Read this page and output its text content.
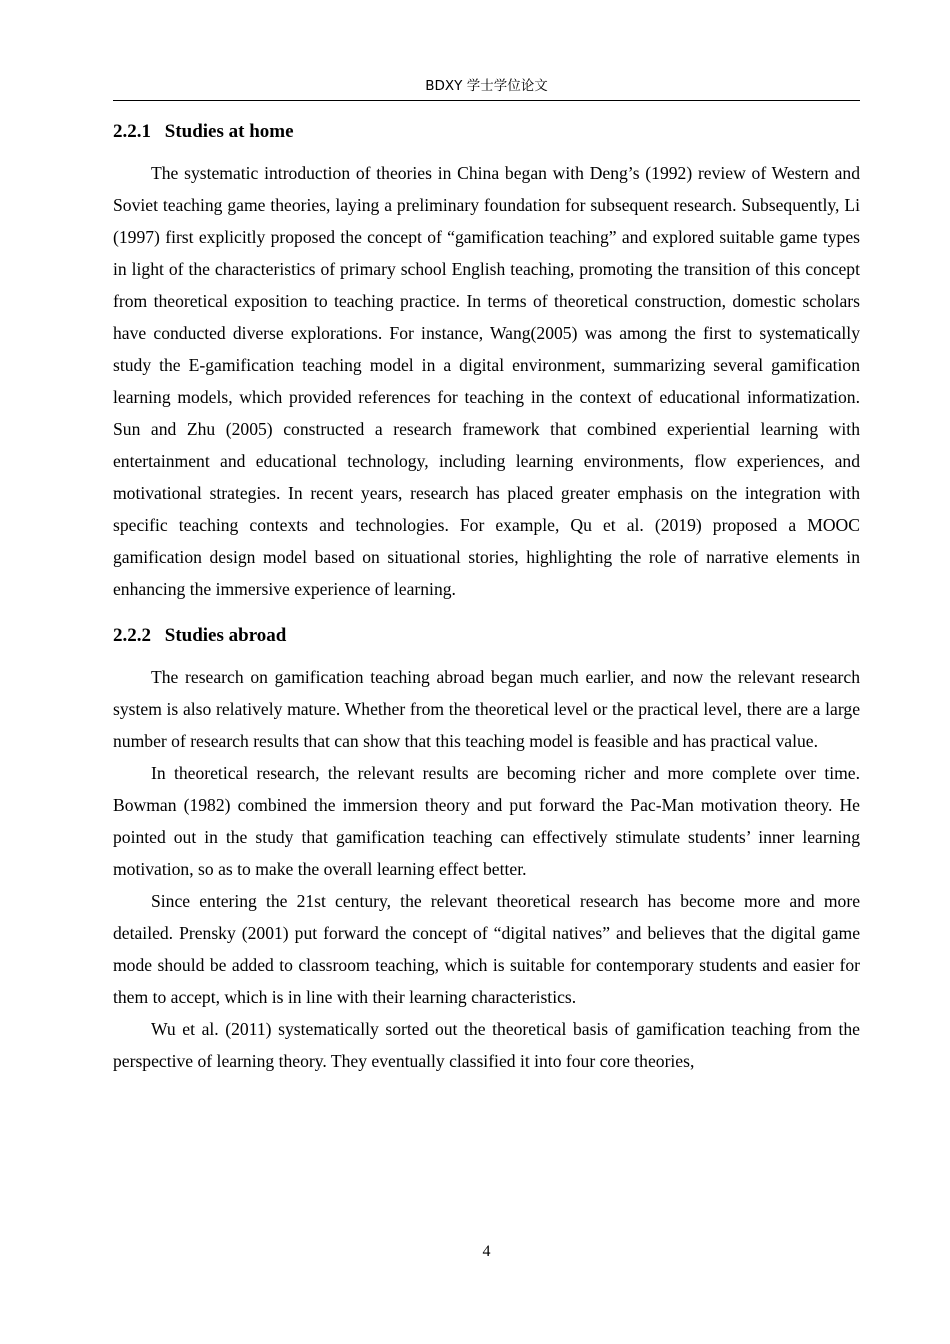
BDXY 学士学位论文
2.2.1 Studies at home

The systematic introduction of theories in China began with Deng’s (1992) review of Western and Soviet teaching game theories, laying a preliminary foundation for subsequent research. Subsequently, Li (1997) first explicitly proposed the concept of “gamification teaching” and explored suitable game types in light of the characteristics of primary school English teaching, promoting the transition of this concept from theoretical exposition to teaching practice. In terms of theoretical construction, domestic scholars have conducted diverse explorations. For instance, Wang(2005) was among the first to systematically study the E-gamification teaching model in a digital environment, summarizing several gamification learning models, which provided references for teaching in the context of educational informatization. Sun and Zhu (2005) constructed a research framework that combined experiential learning with entertainment and educational technology, including learning environments, flow experiences, and motivational strategies. In recent years, research has placed greater emphasis on the integration with specific teaching contexts and technologies. For example, Qu et al. (2019) proposed a MOOC gamification design model based on situational stories, highlighting the role of narrative elements in enhancing the immersive experience of learning.

2.2.2 Studies abroad

The research on gamification teaching abroad began much earlier, and now the relevant research system is also relatively mature. Whether from the theoretical level or the practical level, there are a large number of research results that can show that this teaching model is feasible and has practical value.

In theoretical research, the relevant results are becoming richer and more complete over time. Bowman (1982) combined the immersion theory and put forward the Pac-Man motivation theory. He pointed out in the study that gamification teaching can effectively stimulate students’ inner learning motivation, so as to make the overall learning effect better.

Since entering the 21st century, the relevant theoretical research has become more and more detailed. Prensky (2001) put forward the concept of “digital natives” and believes that the digital game mode should be added to classroom teaching, which is suitable for contemporary students and easier for them to accept, which is in line with their learning characteristics.

Wu et al. (2011) systematically sorted out the theoretical basis of gamification teaching from the perspective of learning theory. They eventually classified it into four core theories,

4
